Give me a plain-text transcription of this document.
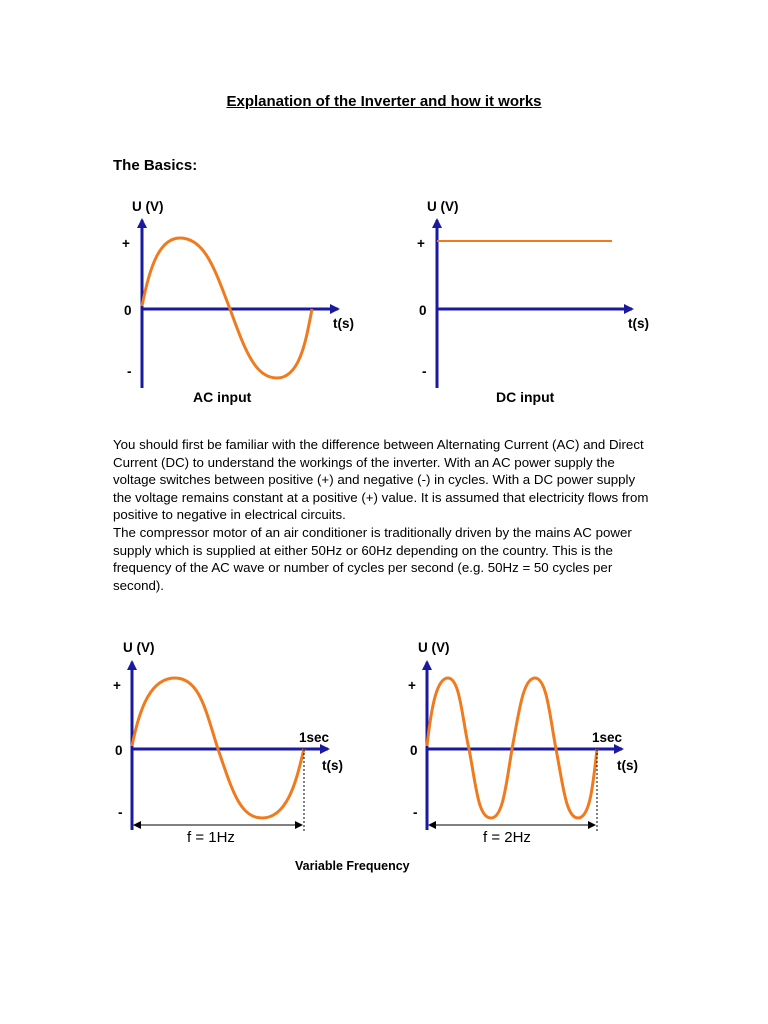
Explanation of the Inverter and how it works
The Basics:

You should first be familiar with the difference between Alternating Current (AC) and Direct Current (DC) to understand the workings of the inverter. With an AC power supply the voltage switches between positive (+) and negative (-) in cycles. With a DC power supply the voltage remains constant at a positive (+) value. It is assumed that electricity flows from positive to negative in electrical circuits.

The compressor motor of an air conditioner is traditionally driven by the mains AC power supply which is supplied at either 50Hz or 60Hz depending on the country. This is the frequency of the AC wave or number of cycles per second (e.g. 50Hz = 50 cycles per second).

U (V)
+
0
-
t(s)
AC input
U (V)
+
0
-
t(s)
DC input
U (V)
+
0
-
1sec
t(s)
f = 1Hz
U (V)
+
0
-
1sec
t(s)
f = 2Hz
Variable Frequency
